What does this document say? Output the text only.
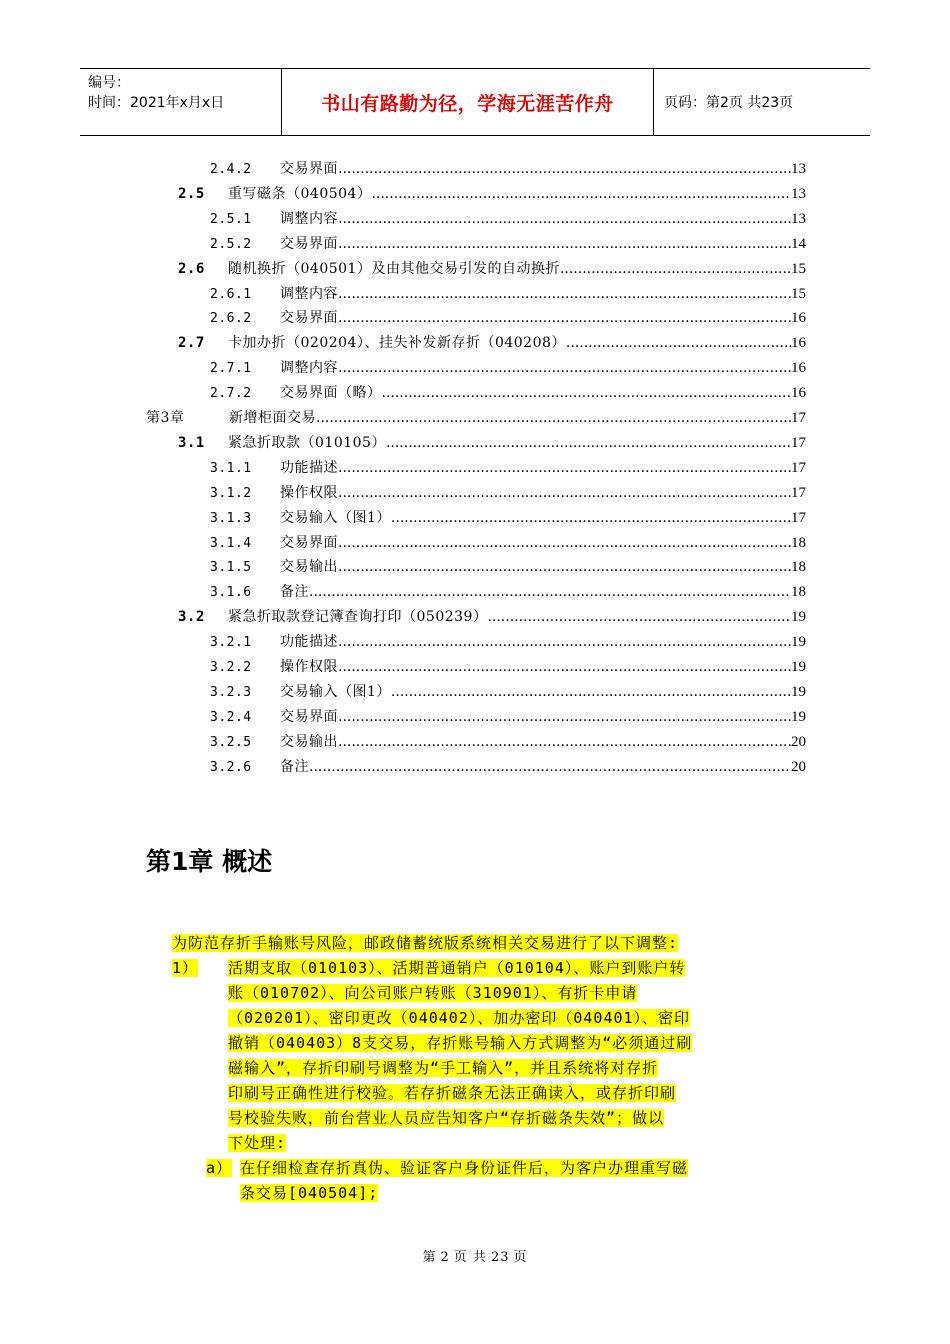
编号：
时间：2021年x月x日	书山有路勤为径，学海无涯苦作舟	页码：第2页 共23页
2.4.2	交易界面 .....	13
2.5	重写磁条（040504） .....	13
2.5.1	调整内容 .....	13
2.5.2	交易界面 .....	14
2.6	随机换折（040501）及由其他交易引发的自动换折 .....	15
2.6.1	调整内容 .....	15
2.6.2	交易界面 .....	16
2.7	卡加办折（020204）、挂失补发新存折（040208） .....	16
2.7.1	调整内容 .....	16
2.7.2	交易界面（略） .....	16
第3章	新增柜面交易 .....	17
3.1	紧急折取款（010105） .....	17
3.1.1	功能描述 .....	17
3.1.2	操作权限 .....	17
3.1.3	交易输入（图1） .....	17
3.1.4	交易界面 .....	18
3.1.5	交易输出 .....	18
3.1.6	备注 .....	18
3.2	紧急折取款登记簿查询打印（050239） .....	19
3.2.1	功能描述 .....	19
3.2.2	操作权限 .....	19
3.2.3	交易输入（图1） .....	19
3.2.4	交易界面 .....	19
3.2.5	交易输出 .....	20
3.2.6	备注 .....	20
第1章 概述
为防范存折手输账号风险，邮政储蓄统版系统相关交易进行了以下调整:
1） 活期支取（010103）、活期普通销户（010104）、账户到账户转
账（010702）、向公司账户转账（310901）、有折卡申请
（020201）、密印更改（040402）、加办密印（040401）、密印
撤销（040403）8支交易，存折账号输入方式调整为“必须通过刷
磁输入”，存折印刷号调整为“手工输入”，并且系统将对存折
印刷号正确性进行校验。若存折磁条无法正确读入，或存折印刷
号校验失败，前台营业人员应告知客户“存折磁条失效”；做以
下处理:
a） 在仔细检查存折真伪、验证客户身份证件后，为客户办理重写磁
条交易[040504];
第 2 页 共 23 页
